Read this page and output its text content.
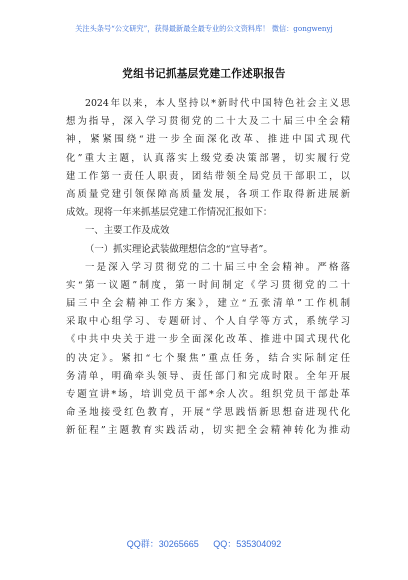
关注头条号“公文研究”，获得最新最全最专业的公文资料库！ 微信：gongwenyj
党组书记抓基层党建工作述职报告
2024年以来，本人坚持以*新时代中国特色社会主义思
想为指导，深入学习贯彻党的二十大及二十届三中全会精
神，紧紧围绕“进一步全面深化改革、推进中国式现代
化”重大主题，认真落实上级党委决策部署，切实履行党
建工作第一责任人职责，团结带领全局党员干部职工，以
高质量党建引领保障高质量发展，各项工作取得新进展新
成效。现将一年来抓基层党建工作情况汇报如下：
一、主要工作及成效
（一）抓实理论武装做理想信念的“宣导者”。
一是深入学习贯彻党的二十届三中全会精神。严格落
实“第一议题”制度，第一时间制定《学习贯彻党的二十
届三中全会精神工作方案》，建立“五张清单”工作机制
采取中心组学习、专题研讨、个人自学等方式，系统学习
《中共中央关于进一步全面深化改革、推进中国式现代化
的决定》。紧扣“七个聚焦”重点任务，结合实际制定任
务清单，明确牵头领导、责任部门和完成时限。全年开展
专题宣讲*场，培训党员干部*余人次。组织党员干部赴革
命圣地接受红色教育，开展“学思践悟新思想奋进现代化
新征程”主题教育实践活动，切实把全会精神转化为推动
QQ群：30265665 QQ：535304092
